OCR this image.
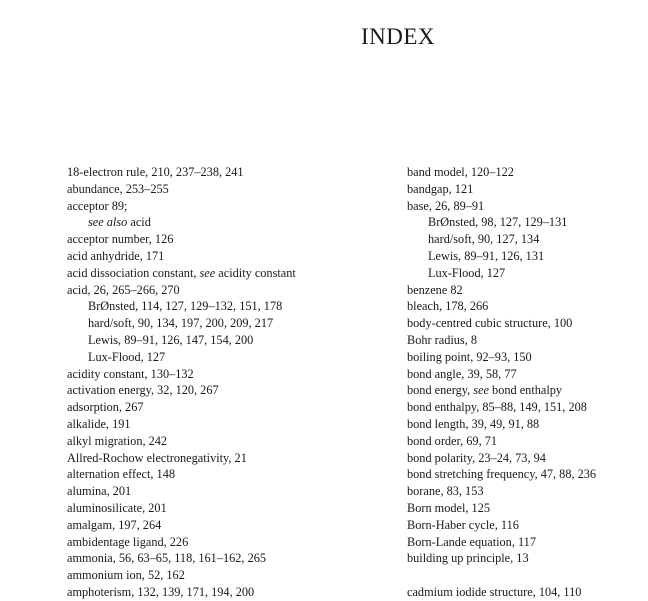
INDEX
18-electron rule, 210, 237–238, 241
abundance, 253–255
acceptor 89;
see also acid
acceptor number, 126
acid anhydride, 171
acid dissociation constant, see acidity constant
acid, 26, 265–266, 270
BrØnsted, 114, 127, 129–132, 151, 178
hard/soft, 90, 134, 197, 200, 209, 217
Lewis, 89–91, 126, 147, 154, 200
Lux-Flood, 127
acidity constant, 130–132
activation energy, 32, 120, 267
adsorption, 267
alkalide, 191
alkyl migration, 242
Allred-Rochow electronegativity, 21
alternation effect, 148
alumina, 201
aluminosilicate, 201
amalgam, 197, 264
ambidentage ligand, 226
ammonia, 56, 63–65, 118, 161–162, 265
ammonium ion, 52, 162
amphoterism, 132, 139, 171, 194, 200
band model, 120–122
bandgap, 121
base, 26, 89–91
BrØnsted, 98, 127, 129–131
hard/soft, 90, 127, 134
Lewis, 89–91, 126, 131
Lux-Flood, 127
benzene 82
bleach, 178, 266
body-centred cubic structure, 100
Bohr radius, 8
boiling point, 92–93, 150
bond angle, 39, 58, 77
bond energy, see bond enthalpy
bond enthalpy, 85–88, 149, 151, 208
bond length, 39, 49, 91, 88
bond order, 69, 71
bond polarity, 23–24, 73, 94
bond stretching frequency, 47, 88, 236
borane, 83, 153
Born model, 125
Born-Haber cycle, 116
Born-Lande equation, 117
building up principle, 13
cadmium iodide structure, 104, 110
